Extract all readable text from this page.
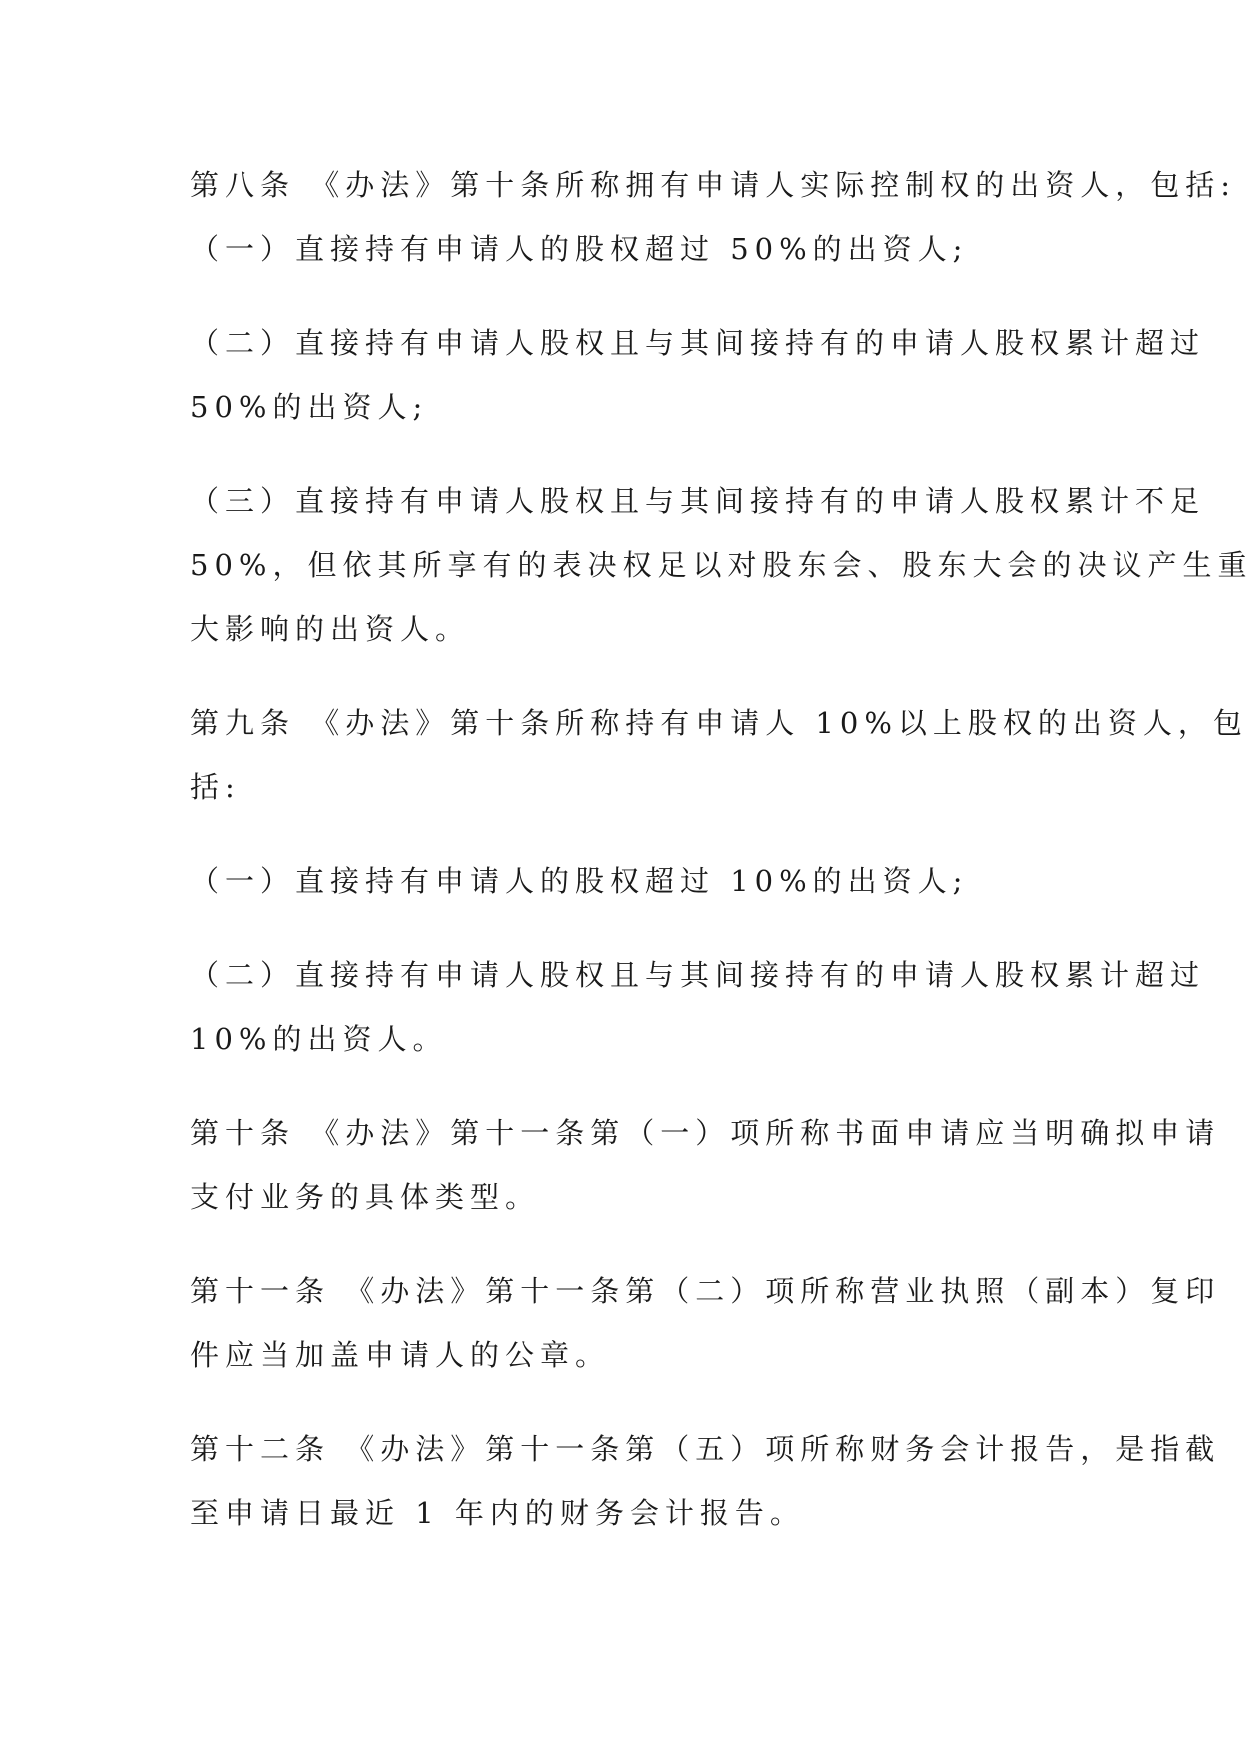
第八条 《办法》第十条所称拥有申请人实际控制权的出资人，包括:
（一）直接持有申请人的股权超过 50%的出资人;
（二）直接持有申请人股权且与其间接持有的申请人股权累计超过
50%的出资人;
（三）直接持有申请人股权且与其间接持有的申请人股权累计不足
50%，但依其所享有的表决权足以对股东会、股东大会的决议产生重
大影响的出资人。
第九条 《办法》第十条所称持有申请人 10%以上股权的出资人，包
括:
（一）直接持有申请人的股权超过 10%的出资人;
（二）直接持有申请人股权且与其间接持有的申请人股权累计超过
10%的出资人。
第十条 《办法》第十一条第（一）项所称书面申请应当明确拟申请
支付业务的具体类型。
第十一条 《办法》第十一条第（二）项所称营业执照（副本）复印
件应当加盖申请人的公章。
第十二条 《办法》第十一条第（五）项所称财务会计报告，是指截
至申请日最近 1 年内的财务会计报告。
